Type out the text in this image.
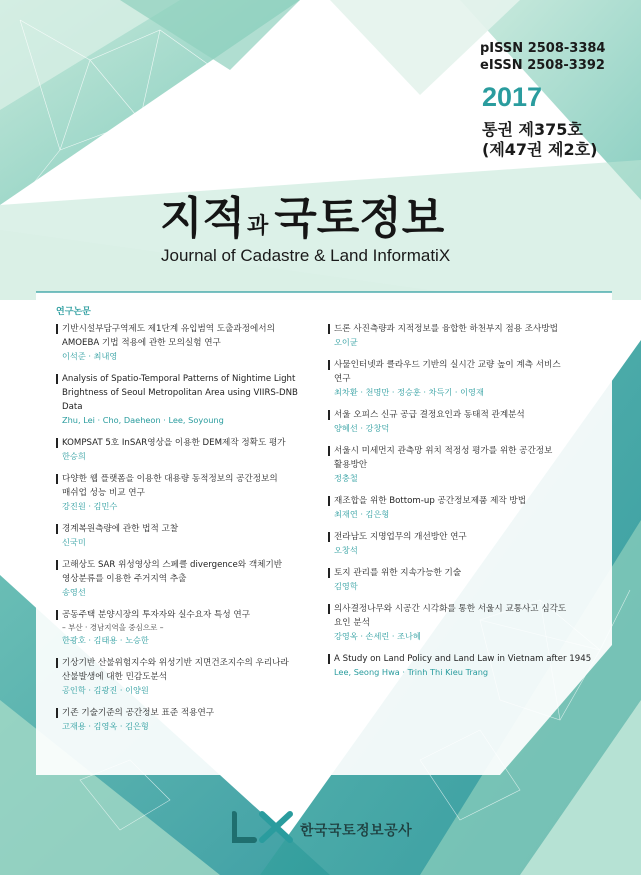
pISSN 2508-3384
eISSN 2508-3392
2017
통권 제375호
(제47권 제2호)
지적과 국토정보
Journal of Cadastre & Land InformatiX
연구논문
기반시설부담구역제도 제1단계 유입범역 도출과정에서의
AMOEBA 기법 적용에 관한 모의실험 연구
이석준 · 최내영
Analysis of Spatio-Temporal Patterns of Nightime Light
Brightness of Seoul Metropolitan Area using VIIRS-DNB Data
Zhu, Lei · Cho, Daeheon · Lee, Soyoung
KOMPSAT 5호 InSAR영상을 이용한 DEM제작 정확도 평가
한승희
다양한 웹 플랫폼을 이용한 대용량 동적정보의 공간정보의
매쉬업 성능 비교 연구
강진원 · 김민수
경계복원측량에 관한 법적 고찰
신국미
고해상도 SAR 위성영상의 스페클 divergence와 객체기반
영상분류를 이용한 주거지역 추출
송영선
공동주택 분양시장의 투자자와 실수요자 특성 연구
– 부산 · 경남지역을 중심으로 –
한광호 · 김태용 · 노승한
기상기반 산불위험지수와 위성기반 지면건조지수의 우리나라
산불발생에 대한 민감도분석
공인학 · 김광진 · 이양원
기존 기술기준의 공간정보 표준 적용연구
고재용 · 김영옥 · 김은형
드론 사진측량과 지적정보를 융합한 하천부지 점용 조사방법
오이균
사물인터넷과 클라우드 기반의 실시간 교량 높이 계측 서비스
연구
최차환 · 천명만 · 정승훈 · 차득기 · 이영재
서울 오피스 신규 공급 결정요인과 동태적 관계분석
양혜선 · 강창덕
서울시 미세먼지 관측망 위치 적정성 평가를 위한 공간정보
활용방안
정충철
재조합을 위한 Bottom-up 공간정보제품 제작 방법
최재연 · 김은형
전라남도 지명업무의 개선방안 연구
오창석
토지 관리를 위한 지속가능한 기술
김영학
의사결정나무와 시공간 시각화를 통한 서울시 교통사고 심각도
요인 분석
강영옥 · 손세린 · 조나혜
A Study on Land Policy and Land Law in Vietnam after 1945
Lee, Seong Hwa · Trinh Thi Kieu Trang
한국국토정보공사
